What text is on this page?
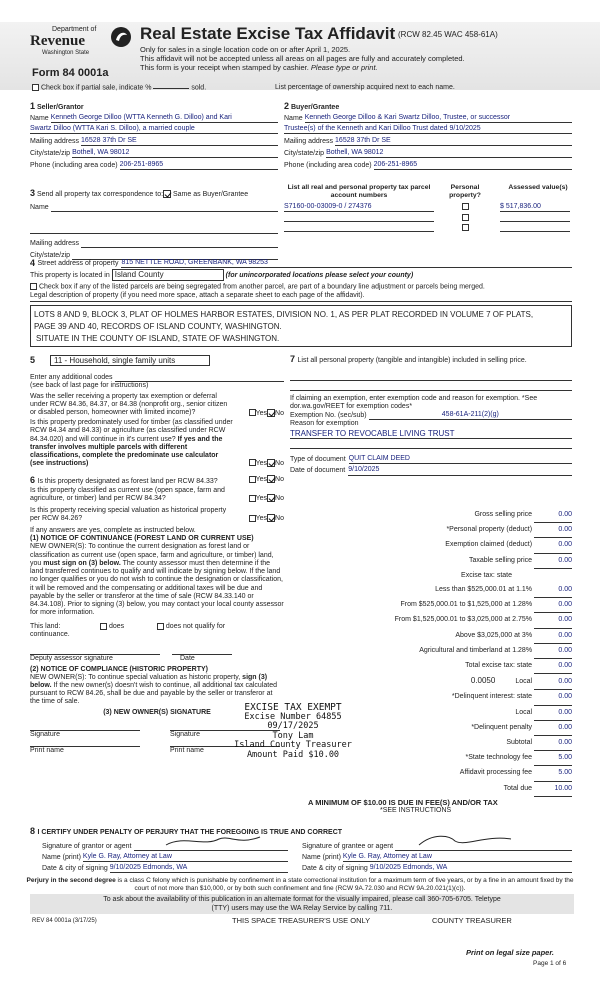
Department of
Revenue
Washington State
Form 84 0001a
Real Estate Excise Tax Affidavit (RCW 82.45 WAC 458-61A)
Only for sales in a single location code on or after April 1, 2025.
This affidavit will not be accepted unless all areas on all pages are fully and accurately completed.
This form is your receipt when stamped by cashier. Please type or print.
Check box if partial sale, indicate %	sold.	List percentage of ownership acquired next to each name.
1 Seller/Grantor
Name Kenneth George Dilloo (WTTA Kenneth G. Dilloo) and Kari
Swartz Dilloo (WTTA Kari S. Dilloo), a married couple
Mailing address 16528 37th Dr SE
City/state/zip Bothell, WA 98012
Phone (including area code) 206-251-8965
2 Buyer/Grantee
Name Kenneth George Dilloo & Kari Swartz Dilloo, Trustee, or successor
Trustee(s) of the Kenneth and Kari Dilloo Trust dated 9/10/2025
Mailing address 16528 37th Dr SE
City/state/zip Bothell, WA 98012
Phone (including area code) 206-251-8965
3 Send all property tax correspondence to: Same as Buyer/Grantee
Name
Mailing address
City/state/zip
List all real and personal property tax parcel account numbers
Personal property?
Assessed value(s)
S7160-00-03009-0 / 274376	$ 517,836.00
4 Street address of property 815 NETTLE ROAD, GREENBANK, WA 98253
This property is located in Island County	(for unincorporated locations please select your county)
Check box if any of the listed parcels are being segregated from another parcel, are part of a boundary line adjustment or parcels being merged.
Legal description of property (if you need more space, attach a separate sheet to each page of the affidavit).
LOTS 8 AND 9, BLOCK 3, PLAT OF HOLMES HARBOR ESTATES, DIVISION NO. 1, AS PER PLAT RECORDED IN VOLUME 7 OF PLATS,
PAGE 39 AND 40, RECORDS OF ISLAND COUNTY, WASHINGTON.
SITUATE IN THE COUNTY OF ISLAND, STATE OF WASHINGTON.
5      11 - Household, single family units
Enter any additional codes
(see back of last page for instructions)
Was the seller receiving a property tax exemption or deferral under RCW 84.36, 84.37, or 84.38 (nonprofit org., senior citizen or disabled person, homeowner with limited income)?	Yes No
Is this property predominately used for timber (as classified under RCW 84.34 and 84.33) or agriculture (as classified under RCW 84.34.020) and will continue in it's current use? If yes and the transfer involves multiple parcels with different classifications, complete the predominate use calculator (see instructions)	Yes No
6 Is this property designated as forest land per RCW 84.33?	Yes No
Is this property classified as current use (open space, farm and agriculture, or timber) land per RCW 84.34?	Yes No
Is this property receiving special valuation as historical property per RCW 84.26?	Yes No
If any answers are yes, complete as instructed below.
(1) NOTICE OF CONTINUANCE (FOREST LAND OR CURRENT USE)
NEW OWNER(S): To continue the current designation as forest land or classification as current use (open space, farm and agriculture, or timber) land, you must sign on (3) below. The county assessor must then determine if the land transferred continues to qualify and will indicate by signing below. If the land no longer qualifies or you do not wish to continue the designation or classification, it will be removed and the compensating or additional taxes will be due and payable by the seller or transferor at the time of sale (RCW 84.33.140 or 84.34.108). Prior to signing (3) below, you may contact your local county assessor for more information.
This land:
	does
	does not qualify for
continuance.
Deputy assessor signature	Date
(2) NOTICE OF COMPLIANCE (HISTORIC PROPERTY)
NEW OWNER(S): To continue special valuation as historic property, sign (3) below. If the new owner(s) doesn't wish to continue, all additional tax calculated pursuant to RCW 84.26, shall be due and payable by the seller or transferor at the time of sale.
(3) NEW OWNER(S) SIGNATURE
Signature	Signature
Print name	Print name
7 List all personal property (tangible and intangible) included in selling price.
If claiming an exemption, enter exemption code and reason for exemption. *See dor.wa.gov/REET for exemption codes*
Exemption No. (sec/sub)	458-61A-211(2)(g)
Reason for exemption
TRANSFER TO REVOCABLE LIVING TRUST
Type of document QUIT CLAIM DEED
Date of document 9/10/2025
Gross selling price	0.00
*Personal property (deduct)	0.00
Exemption claimed (deduct)	0.00
Taxable selling price	0.00
Excise tax: state
Less than $525,000.01 at 1.1%	0.00
From $525,000.01 to $1,525,000 at 1.28%	0.00
From $1,525,000.01 to $3,025,000 at 2.75%	0.00
Above $3,025,000 at 3%	0.00
Agricultural and timberland at 1.28%	0.00
Total excise tax: state	0.00
0.0050	Local	0.00
*Delinquent interest: state	0.00
Local	0.00
*Delinquent penalty	0.00
Subtotal	0.00
*State technology fee	5.00
Affidavit processing fee	5.00
Total due	10.00
A MINIMUM OF $10.00 IS DUE IN FEE(S) AND/OR TAX
*SEE INSTRUCTIONS
EXCISE TAX EXEMPT
Excise Number 64855
09/17/2025
Tony Lam
Island County Treasurer
Amount Paid $10.00
8 I CERTIFY UNDER PENALTY OF PERJURY THAT THE FOREGOING IS TRUE AND CORRECT
Signature of grantor or agent
Name (print) Kyle G. Ray, Attorney at Law
Date & city of signing 9/10/2025 Edmonds, WA
Signature of grantee or agent
Name (print) Kyle G. Ray, Attorney at Law
Date & city of signing 9/10/2025 Edmonds, WA
Perjury in the second degree is a class C felony which is punishable by confinement in a state correctional institution for a maximum term of five years, or by a fine in an amount fixed by the court of not more than $10,000, or by both such confinement and fine (RCW 9A.72.030 and RCW 9A.20.021(1)(c)).
To ask about the availability of this publication in an alternate format for the visually impaired, please call 360-705-6705. Teletype
(TTY) users may use the WA Relay Service by calling 711.
REV 84 0001a (3/17/25)	THIS SPACE TREASURER'S USE ONLY	COUNTY TREASURER
Print on legal size paper.
Page 1 of 6
